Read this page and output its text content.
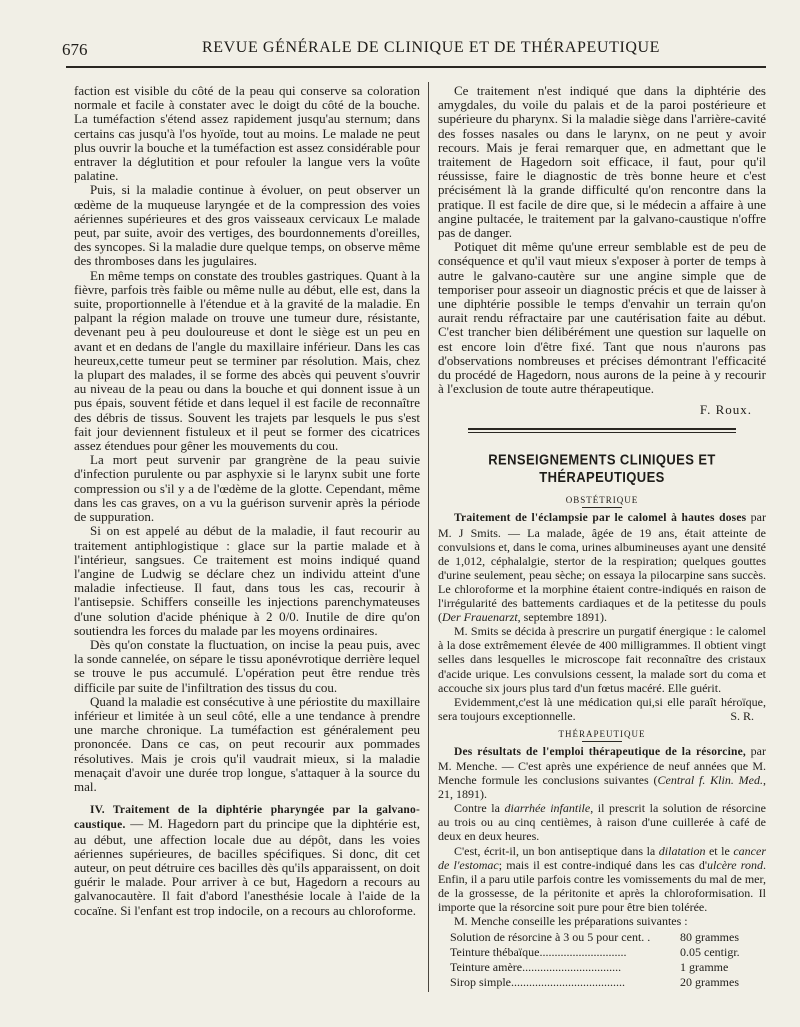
676	REVUE GÉNÉRALE DE CLINIQUE ET DE THÉRAPEUTIQUE

faction est visible du côté de la peau qui conserve sa coloration normale et facile à constater avec le doigt du côté de la bouche. La tuméfaction s'étend assez rapidement jusqu'au sternum; dans certains cas jusqu'à l'os hyoïde, tout au moins. Le malade ne peut plus ouvrir la bouche et la tuméfaction est assez considérable pour entraver la déglutition et pour refouler la langue vers la voûte palatine.

Puis, si la maladie continue à évoluer, on peut observer un œdème de la muqueuse laryngée et de la compression des voies aériennes supérieures et des gros vaisseaux cervicaux Le malade peut, par suite, avoir des vertiges, des bourdonnements d'oreilles, des syncopes. Si la maladie dure quelque temps, on observe même des thromboses dans les jugulaires.

En même temps on constate des troubles gastriques. Quant à la fièvre, parfois très faible ou même nulle au début, elle est, dans la suite, proportionnelle à l'étendue et à la gravité de la maladie. En palpant la région malade on trouve une tumeur dure, résistante, devenant peu à peu douloureuse et dont le siège est un peu en avant et en dedans de l'angle du maxillaire inférieur. Dans les cas heureux,cette tumeur peut se terminer par résolution. Mais, chez la plupart des malades, il se forme des abcès qui peuvent s'ouvrir au niveau de la peau ou dans la bouche et qui donnent issue à un pus épais, souvent fétide et dans lequel il est facile de reconnaître des débris de tissus. Souvent les trajets par lesquels le pus s'est fait jour deviennent fistuleux et il peut se former des cicatrices assez étendues pour gêner les mouvements du cou.

La mort peut survenir par grangrène de la peau suivie d'infection purulente ou par asphyxie si le larynx subit une forte compression ou s'il y a de l'œdème de la glotte. Cependant, même dans les cas graves, on a vu la guérison survenir après la période de suppuration.

Si on est appelé au début de la maladie, il faut recourir au traitement antiphlogistique : glace sur la partie malade et à l'intérieur, sangsues. Ce traitement est moins indiqué quand l'angine de Ludwig se déclare chez un individu atteint d'une maladie infectieuse. Il faut, dans tous les cas, recourir à l'antisepsie. Schiffers conseille les injections parenchymateuses d'une solution d'acide phénique à 2 0/0. Inutile de dire qu'on soutiendra les forces du malade par les moyens ordinaires.

Dès qu'on constate la fluctuation, on incise la peau puis, avec la sonde cannelée, on sépare le tissu aponévrotique derrière lequel se trouve le pus accumulé. L'opération peut être rendue très difficile par suite de l'infiltration des tissus du cou.

Quand la maladie est consécutive à une périostite du maxillaire inférieur et limitée à un seul côté, elle a une tendance à prendre une marche chronique. La tuméfaction est généralement peu prononcée. Dans ce cas, on peut recourir aux pommades résolutives. Mais je crois qu'il vaudrait mieux, si la maladie menaçait d'avoir une durée trop longue, s'attaquer à la source du mal.

IV. Traitement de la diphtérie pharyngée par la galvano-caustique. — M. Hagedorn part du principe que la diphtérie est, au début, une affection locale due au dépôt, dans les voies aériennes supérieures, de bacilles spécifiques. Si donc, dit cet auteur, on peut détruire ces bacilles dès qu'ils apparaissent, on doit guérir le malade. Pour arriver à ce but, Hagedorn a recours au galvanocautère. Il fait d'abord l'anesthésie locale à l'aide de la cocaïne. Si l'enfant est trop indocile, on a recours au chloroforme.

Ce traitement n'est indiqué que dans la diphtérie des amygdales, du voile du palais et de la paroi postérieure et supérieure du pharynx. Si la maladie siège dans l'arrière-cavité des fosses nasales ou dans le larynx, on ne peut y avoir recours. Mais je ferai remarquer que, en admettant que le traitement de Hagedorn soit efficace, il faut, pour qu'il réussisse, faire le diagnostic de très bonne heure et c'est précisément là la grande difficulté qu'on rencontre dans la pratique. Il est facile de dire que, si le médecin a affaire à une angine pultacée, le traitement par la galvano-caustique n'offre pas de danger.

Potiquet dit même qu'une erreur semblable est de peu de conséquence et qu'il vaut mieux s'exposer à porter de temps à autre le galvano-cautère sur une angine simple que de temporiser pour asseoir un diagnostic précis et que de laisser à une diphtérie possible le temps d'envahir un terrain qu'on aurait rendu réfractaire par une cautérisation faite au début. C'est trancher bien délibérément une question sur laquelle on est encore loin d'être fixé. Tant que nous n'aurons pas d'observations nombreuses et précises démontrant l'efficacité du procédé de Hagedorn, nous aurons de la peine à y recourir à l'exclusion de toute autre thérapeutique.

F. Roux.
RENSEIGNEMENTS CLINIQUES ET THÉRAPEUTIQUES
OBSTÉTRIQUE

Traitement de l'éclampsie par le calomel à hautes doses par M. J Smits. — La malade, âgée de 19 ans, était atteinte de convulsions et, dans le coma, urines albumineuses ayant une densité de 1,012, céphalalgie, stertor de la respiration; quelques gouttes d'urine seulement, peau sèche; on essaya la pilocarpine sans succès. Le chloroforme et la morphine étaient contre-indiqués en raison de l'irrégularité des battements cardiaques et de la petitesse du pouls (Der Frauenarzt, septembre 1891).

M. Smits se décida à prescrire un purgatif énergique : le calomel à la dose extrêmement élevée de 400 milligrammes. Il obtient vingt selles dans lesquelles le microscope fait reconnaître des cristaux d'acide urique. Les convulsions cessent, la malade sort du coma et accouche six jours plus tard d'un fœtus macéré. Elle guérit.

Evidemment,c'est là une médication qui,si elle paraît héroïque, sera toujours exceptionnelle.	S. R.

THÉRAPEUTIQUE

Des résultats de l'emploi thérapeutique de la résorcine, par M. Menche. — C'est après une expérience de neuf années que M. Menche formule les conclusions suivantes (Central f. Klin. Med., 21, 1891).

Contre la diarrhée infantile, il prescrit la solution de résorcine au trois ou au cinq centièmes, à raison d'une cuillerée à café de deux en deux heures.

C'est, écrit-il, un bon antiseptique dans la dilatation et le cancer de l'estomac; mais il est contre-indiqué dans les cas d'ulcère rond. Enfin, il a paru utile parfois contre les vomissements du mal de mer, de la grossesse, de la péritonite et après la chloroformisation. Il importe que la résorcine soit pure pour être bien tolérée.

M. Menche conseille les préparations suivantes :

Solution de résorcine à 3 ou 5 pour cent. .	80 grammes
Teinture thébaïque.............................	0.05 centigr.
Teinture amère.................................	1 gramme
Sirop simple......................................	20 grammes
